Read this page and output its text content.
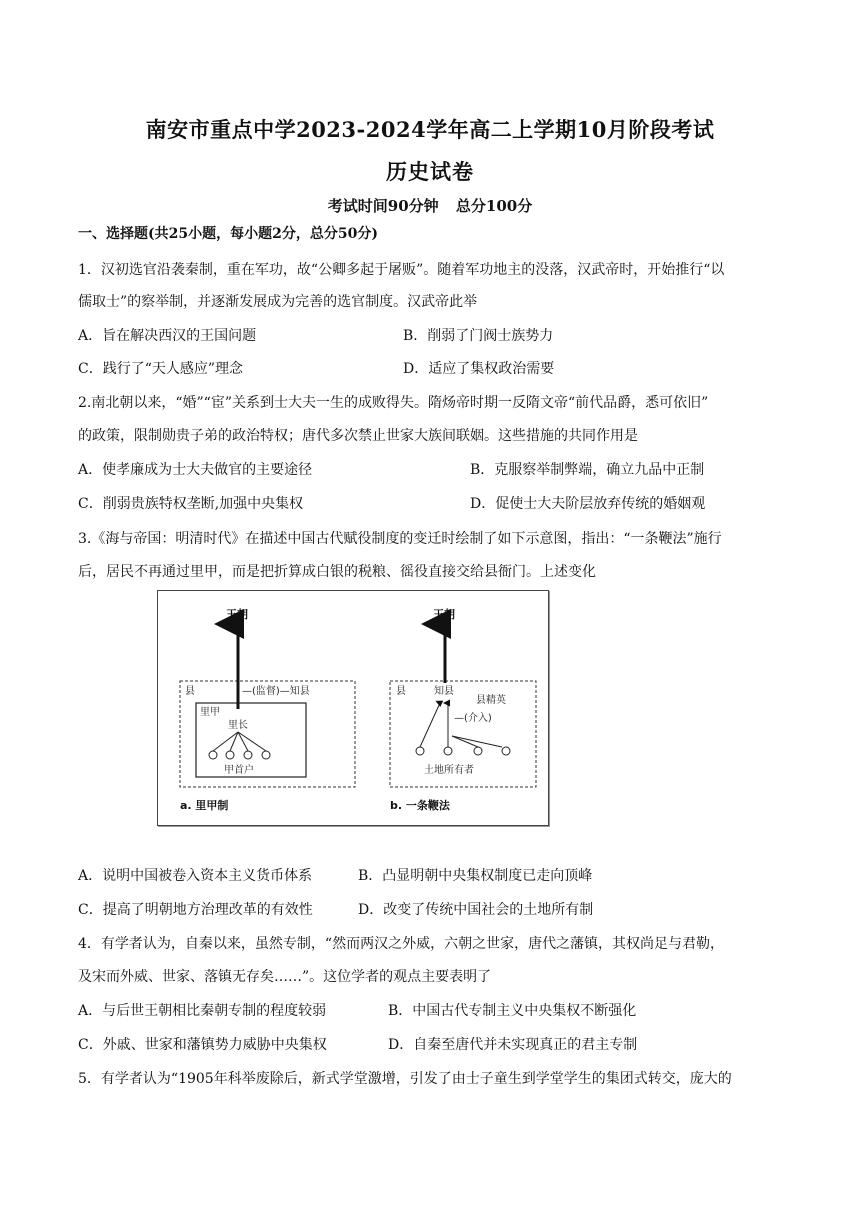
南安市重点中学2023-2024学年高二上学期10月阶段考试
历史试卷
考试时间90分钟 总分100分
一、选择题(共25小题，每小题2分，总分50分)
1．汉初选官沿袭秦制，重在军功，故“公卿多起于屠贩”。随着军功地主的没落，汉武帝时，开始推行“以
儒取士”的察举制，并逐渐发展成为完善的选官制度。汉武帝此举
A．旨在解决西汉的王国问题	B．削弱了门阀士族势力
C．践行了“天人感应”理念	D．适应了集权政治需要
2.南北朝以来，“婚”“宦”关系到士大夫一生的成败得失。隋炀帝时期一反隋文帝“前代品爵，悉可依旧”
的政策，限制勋贵子弟的政治特权；唐代多次禁止世家大族间联姻。这些措施的共同作用是
A．使孝廉成为士大夫做官的主要途径	B．克服察举制弊端，确立九品中正制
C．削弱贵族特权垄断,加强中央集权	D．促使士大夫阶层放弃传统的婚姻观
3.《海与帝国：明清时代》在描述中国古代赋役制度的变迁时绘制了如下示意图，指出：“一条鞭法”施行
后，居民不再通过里甲，而是把折算成白银的税粮、徭役直接交给县衙门。上述变化
王朝
县	—(监督)—知县
里甲
里长
甲首户
a. 里甲制
王朝
县	知县
县精英
—(介入)
土地所有者
b. 一条鞭法
A．说明中国被卷入资本主义货币体系	B．凸显明朝中央集权制度已走向顶峰
C．提高了明朝地方治理改革的有效性	D．改变了传统中国社会的土地所有制
4．有学者认为，自秦以来，虽然专制，“然而两汉之外威，六朝之世家，唐代之藩镇，其权尚足与君勒，
及宋而外威、世家、落镇无存矣……”。这位学者的观点主要表明了
A．与后世王朝相比秦朝专制的程度较弱	B．中国古代专制主义中央集权不断强化
C．外戚、世家和藩镇势力威胁中央集权	D．自秦至唐代并未实现真正的君主专制
5．有学者认为“1905年科举废除后，新式学堂激增，引发了由士子童生到学堂学生的集团式转交，庞大的
